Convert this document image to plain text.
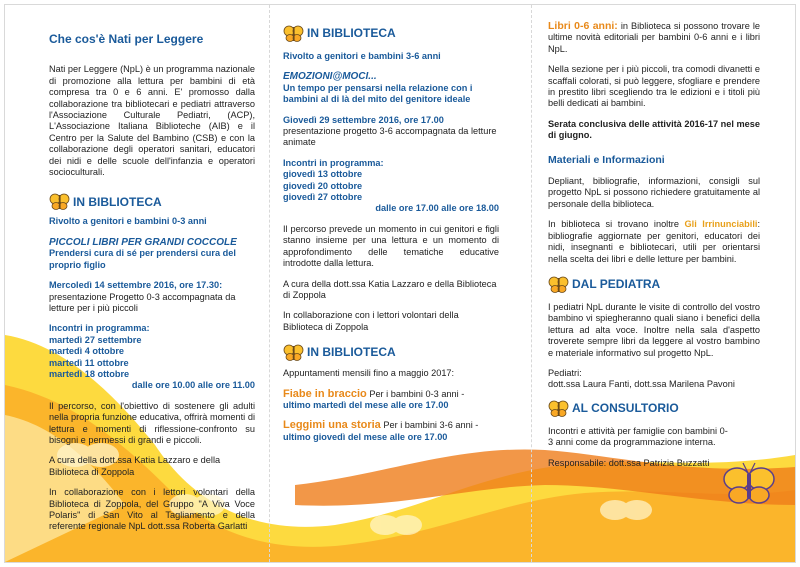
Che cos'è Nati per Leggere

Nati per Leggere (NpL) è un programma nazionale di promozione alla lettura per bambini di età compresa tra 0 e 6 anni. E' promosso dalla collaborazione tra bibliotecari e pediatri attraverso l'Associazione Culturale Pediatri, (ACP), L'Associazione Italiana Biblioteche (AIB) e il Centro per la Salute del Bambino (CSB) e con la collaborazione degli operatori sanitari, educatori dei nidi e delle scuole dell'infanzia e operatori socioculturali.

IN BIBLIOTECA

Rivolto a genitori e bambini 0-3 anni

PICCOLI LIBRI PER GRANDI COCCOLE

Prendersi cura di sé per prendersi cura del proprio figlio

Mercoledì 14 settembre 2016, ore 17.30:

presentazione Progetto 0-3 accompagnata da letture per i più piccoli

Incontri in programma:
martedì 27 settembre
martedì 4 ottobre
martedì 11 ottobre
martedì 18 ottobre

dalle ore 10.00 alle ore 11.00

Il percorso, con l'obiettivo di sostenere gli adulti nella propria funzione educativa, offrirà momenti di lettura e momenti di riflessione-confronto su bisogni e permessi di grandi e piccoli.

A cura della dott.ssa Katia Lazzaro e della Biblioteca di Zoppola

In collaborazione con i lettori volontari della Biblioteca di Zoppola, del Gruppo "A Viva Voce Polaris" di San Vito al Tagliamento e della referente regionale NpL dott.ssa Roberta Garlatti

IN BIBLIOTECA

Rivolto a genitori e bambini 3-6 anni

EMOZIONI@MOCI...

Un tempo per pensarsi nella relazione con i bambini al di là del mito del genitore ideale

Giovedì 29 settembre 2016, ore 17.00

presentazione progetto 3-6 accompagnata da letture animate

Incontri in programma:
giovedì 13 ottobre
giovedì 20 ottobre
giovedì 27 ottobre

dalle ore 17.00 alle ore 18.00

Il percorso prevede un momento in cui genitori e figli stanno insieme per una lettura e un momento di approfondimento delle tematiche educative introdotte dalla lettura.

A cura della dott.ssa Katia Lazzaro e della Biblioteca di Zoppola

In collaborazione con i lettori volontari della Biblioteca di Zoppola

IN BIBLIOTECA

Appuntamenti mensili fino a maggio 2017:

Fiabe in braccio Per i bambini 0-3 anni -

ultimo martedì del mese alle ore 17.00

Leggimi una storia Per i bambini 3-6 anni -

ultimo giovedì del mese alle ore 17.00

Libri 0-6 anni: in Biblioteca si possono trovare le ultime novità editoriali per bambini 0-6 anni e i libri NpL.

Nella sezione per i più piccoli, tra comodi divanetti e scaffali colorati, si può leggere, sfogliare e prendere in prestito libri scegliendo tra le edizioni e i titoli più belli dedicati ai bambini.

Serata conclusiva delle attività 2016-17 nel mese di giugno.

Materiali e Informazioni

Depliant, bibliografie, informazioni, consigli sul progetto NpL si possono richiedere gratuitamente al personale della biblioteca.

In biblioteca si trovano inoltre Gli Irrinunciabili: bibliografie aggiornate per genitori, educatori dei nidi, insegnanti e bibliotecari, utili per orientarsi nella scelta dei libri e delle letture per bambini.

DAL PEDIATRA

I pediatri NpL durante le visite di controllo del vostro bambino vi spiegheranno quali siano i benefici della lettura ad alta voce. Inoltre nella sala d'aspetto troverete sempre libri da leggere al vostro bambino e materiale informativo sul progetto NpL.

Pediatri:

dott.ssa Laura Fanti, dott.ssa Marilena Pavoni

AL CONSULTORIO

Incontri e attività per famiglie con bambini 0-3 anni come da programmazione interna.

Responsabile: dott.ssa Patrizia Buzzatti
